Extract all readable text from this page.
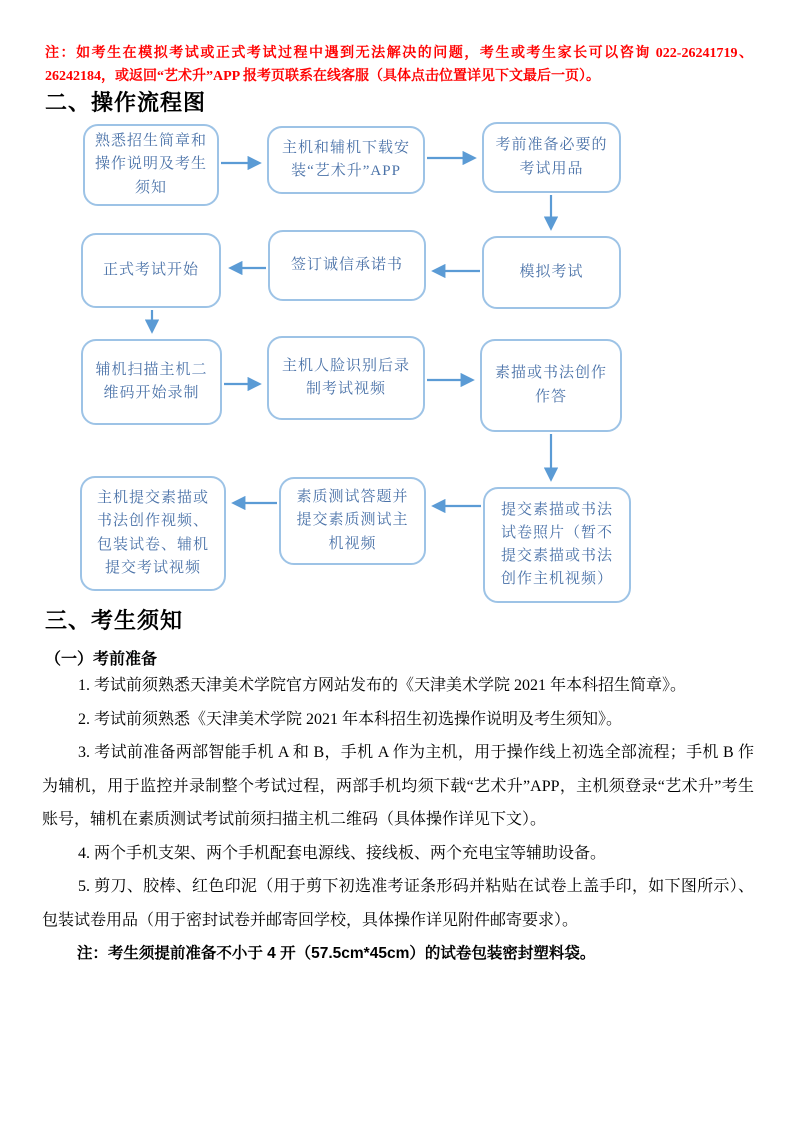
注：如考生在模拟考试或正式考试过程中遇到无法解决的问题，考生或考生家长可以咨询 022-26241719、26242184，或返回“艺术升”APP 报考页联系在线客服（具体点击位置详见下文最后一页）。

二、操作流程图
熟悉招生简章和操作说明及考生须知
主机和辅机下载安装“艺术升”APP
考前准备必要的考试用品
正式考试开始	签订诚信承诺书	模拟考试
辅机扫描主机二维码开始录制
主机人脸识别后录制考试视频
素描或书法创作作答
主机提交素描或书法创作视频、包装试卷、辅机提交考试视频
素质测试答题并提交素质测试主机视频
提交素描或书法试卷照片（暂不提交素描或书法创作主机视频）
三、考生须知
（一）考前准备

1. 考试前须熟悉天津美术学院官方网站发布的《天津美术学院 2021 年本科招生简章》。

2. 考试前须熟悉《天津美术学院 2021 年本科招生初选操作说明及考生须知》。

3. 考试前准备两部智能手机 A 和 B，手机 A 作为主机，用于操作线上初选全部流程；手机 B 作为辅机，用于监控并录制整个考试过程，两部手机均须下载“艺术升”APP，主机须登录“艺术升”考生账号，辅机在素质测试考试前须扫描主机二维码（具体操作详见下文）。

4. 两个手机支架、两个手机配套电源线、接线板、两个充电宝等辅助设备。

5. 剪刀、胶棒、红色印泥（用于剪下初选准考证条形码并粘贴在试卷上盖手印，如下图所示）、包装试卷用品（用于密封试卷并邮寄回学校，具体操作详见附件邮寄要求）。

注：考生须提前准备不小于 4 开（57.5cm*45cm）的试卷包装密封塑料袋。
